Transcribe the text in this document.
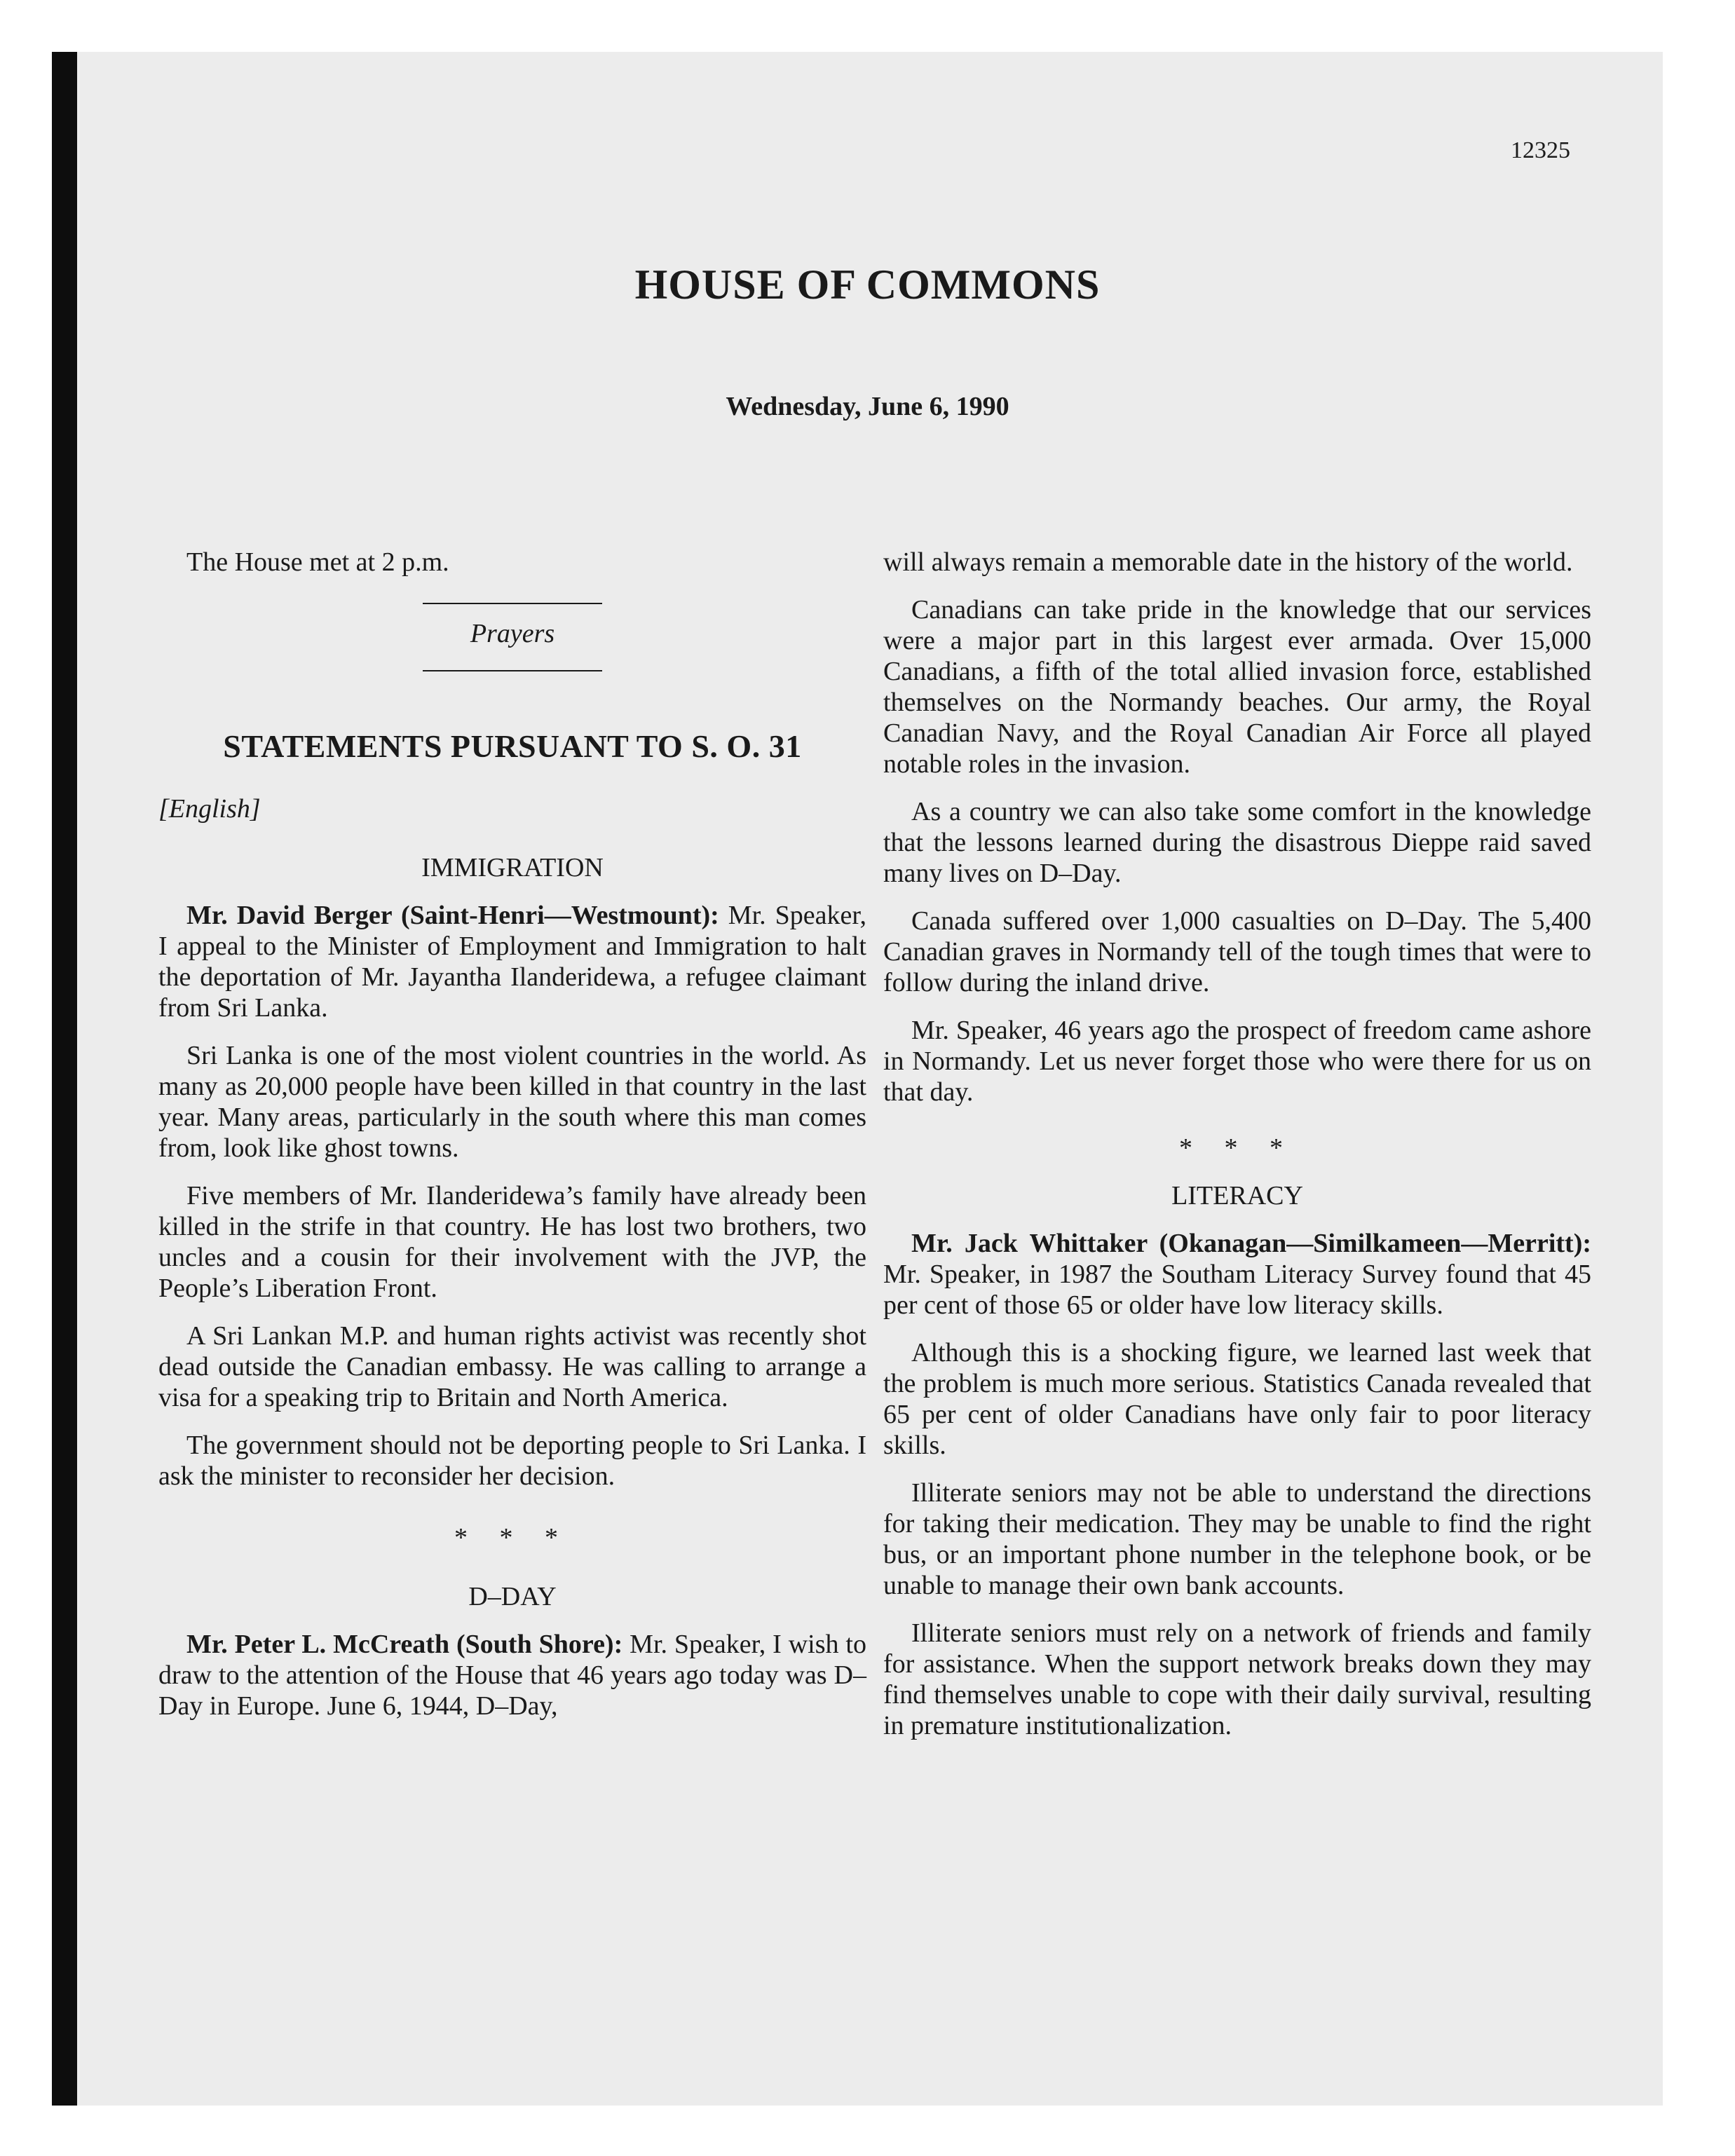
12325
HOUSE OF COMMONS
Wednesday, June 6, 1990

The House met at 2 p.m.

Prayers
STATEMENTS PURSUANT TO S. O. 31
[English]
IMMIGRATION

Mr. David Berger (Saint-Henri—Westmount): Mr. Speaker, I appeal to the Minister of Employment and Immigration to halt the deportation of Mr. Jayantha Ilanderidewa, a refugee claimant from Sri Lanka.

Sri Lanka is one of the most violent countries in the world. As many as 20,000 people have been killed in that country in the last year. Many areas, particularly in the south where this man comes from, look like ghost towns.

Five members of Mr. Ilanderidewa’s family have already been killed in the strife in that country. He has lost two brothers, two uncles and a cousin for their involvement with the JVP, the People’s Liberation Front.

A Sri Lankan M.P. and human rights activist was recently shot dead outside the Canadian embassy. He was calling to arrange a visa for a speaking trip to Britain and North America.

The government should not be deporting people to Sri Lanka. I ask the minister to reconsider her decision.

* * *
D–DAY

Mr. Peter L. McCreath (South Shore): Mr. Speaker, I wish to draw to the attention of the House that 46 years ago today was D–Day in Europe. June 6, 1944, D–Day,

will always remain a memorable date in the history of the world.

Canadians can take pride in the knowledge that our services were a major part in this largest ever armada. Over 15,000 Canadians, a fifth of the total allied invasion force, established themselves on the Normandy beaches. Our army, the Royal Canadian Navy, and the Royal Canadian Air Force all played notable roles in the invasion.

As a country we can also take some comfort in the knowledge that the lessons learned during the disastrous Dieppe raid saved many lives on D–Day.

Canada suffered over 1,000 casualties on D–Day. The 5,400 Canadian graves in Normandy tell of the tough times that were to follow during the inland drive.

Mr. Speaker, 46 years ago the prospect of freedom came ashore in Normandy. Let us never forget those who were there for us on that day.

* * *
LITERACY

Mr. Jack Whittaker (Okanagan—Similkameen—Merritt): Mr. Speaker, in 1987 the Southam Literacy Survey found that 45 per cent of those 65 or older have low literacy skills.

Although this is a shocking figure, we learned last week that the problem is much more serious. Statistics Canada revealed that 65 per cent of older Canadians have only fair to poor literacy skills.

Illiterate seniors may not be able to understand the directions for taking their medication. They may be unable to find the right bus, or an important phone number in the telephone book, or be unable to manage their own bank accounts.

Illiterate seniors must rely on a network of friends and family for assistance. When the support network breaks down they may find themselves unable to cope with their daily survival, resulting in premature institutionalization.
